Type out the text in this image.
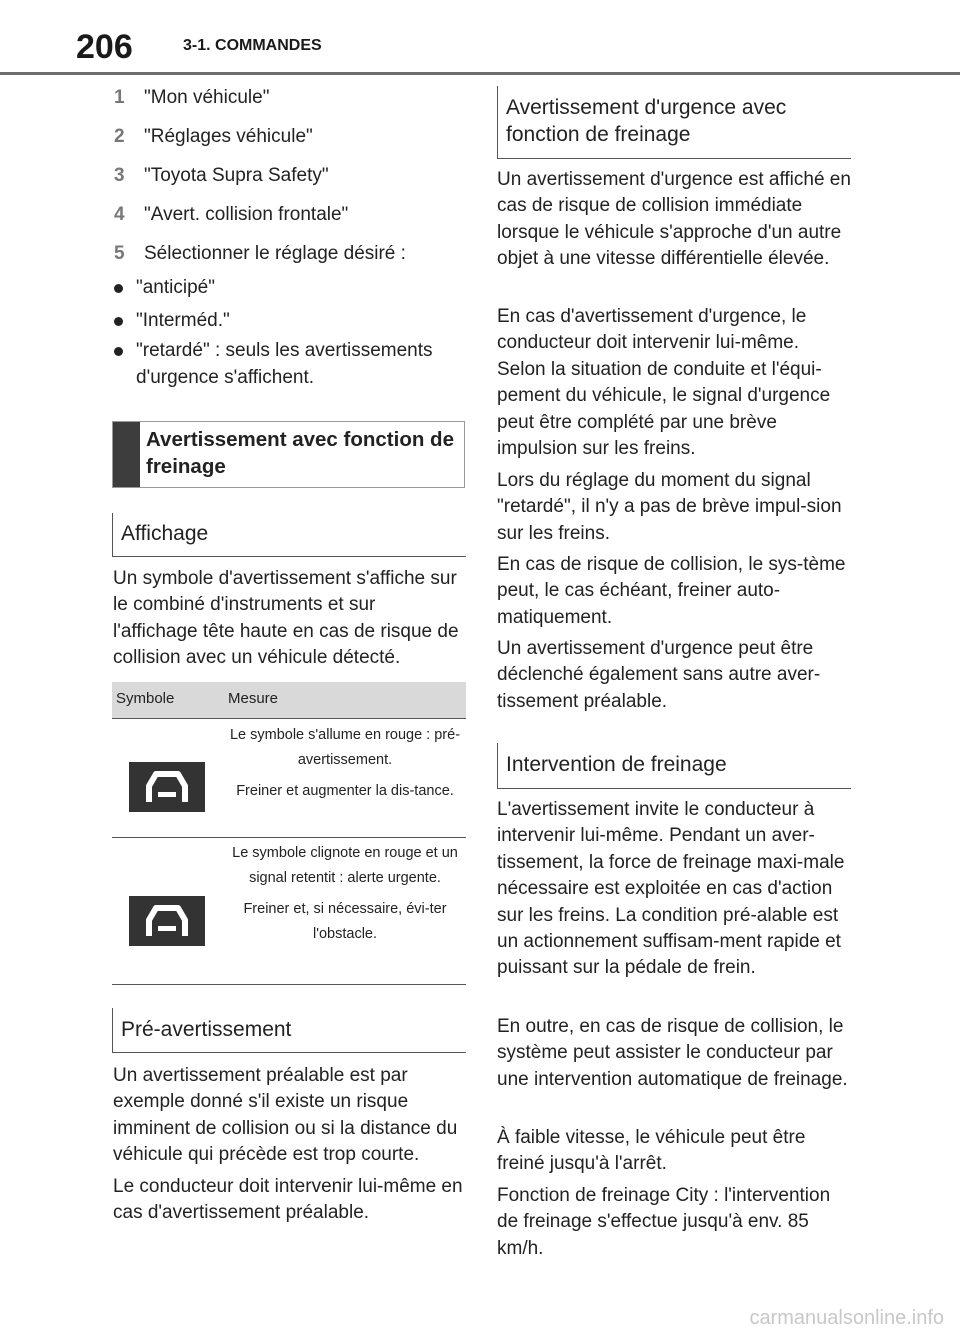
206	3-1. COMMANDES
1 "Mon véhicule"
2 "Réglages véhicule"
3 "Toyota Supra Safety"
4 "Avert. collision frontale"
5 Sélectionner le réglage désiré :
"anticipé"
"Interméd."
"retardé" : seuls les avertissements d'urgence s'affichent.
Avertissement avec fonction de freinage
Affichage
Un symbole d'avertissement s'affiche sur le combiné d'instruments et sur l'affichage tête haute en cas de risque de collision avec un véhicule détecté.
Symbole	Mesure

Le symbole s'allume en rouge : pré-avertissement.

Freiner et augmenter la dis-tance.

Le symbole clignote en rouge et un signal retentit : alerte urgente.

Freiner et, si nécessaire, évi-ter l'obstacle.

Pré-avertissement
Un avertissement préalable est par exemple donné s'il existe un risque imminent de collision ou si la distance du véhicule qui précède est trop courte.
Le conducteur doit intervenir lui-même en cas d'avertissement préalable.
Avertissement d'urgence avec fonction de freinage
Un avertissement d'urgence est affiché en cas de risque de collision immédiate lorsque le véhicule s'approche d'un autre objet à une vitesse différentielle élevée.
En cas d'avertissement d'urgence, le conducteur doit intervenir lui-même. Selon la situation de conduite et l'équi-pement du véhicule, le signal d'urgence peut être complété par une brève impulsion sur les freins.
Lors du réglage du moment du signal "retardé", il n'y a pas de brève impul-sion sur les freins.
En cas de risque de collision, le sys-tème peut, le cas échéant, freiner auto-matiquement.
Un avertissement d'urgence peut être déclenché également sans autre aver-tissement préalable.
Intervention de freinage
L'avertissement invite le conducteur à intervenir lui-même. Pendant un aver-tissement, la force de freinage maxi-male nécessaire est exploitée en cas d'action sur les freins. La condition pré-alable est un actionnement suffisam-ment rapide et puissant sur la pédale de frein.
En outre, en cas de risque de collision, le système peut assister le conducteur par une intervention automatique de freinage.
À faible vitesse, le véhicule peut être freiné jusqu'à l'arrêt.
Fonction de freinage City : l'intervention de freinage s'effectue jusqu'à env. 85 km/h.
carmanualsonline.info
